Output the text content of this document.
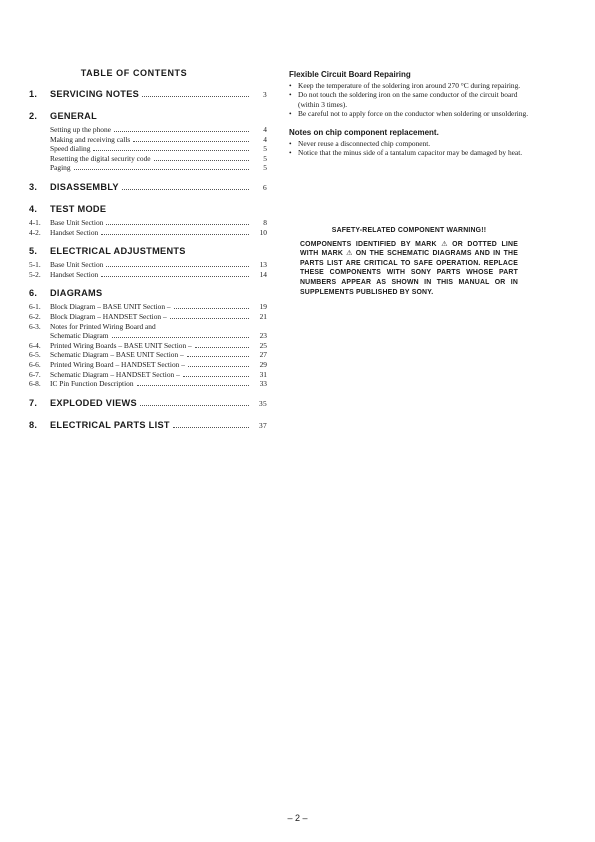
TABLE OF CONTENTS
1.	SERVICING NOTES	3
2.	GENERAL
Setting up the phone	4
Making and receiving calls	4
Speed dialing	5
Resetting the digital security code	5
Paging	5
3.	DISASSEMBLY	6
4.	TEST MODE
4-1.	Base Unit Section	8
4-2.	Handset Section	10
5.	ELECTRICAL ADJUSTMENTS
5-1.	Base Unit Section	13
5-2.	Handset Section	14
6.	DIAGRAMS
6-1.	Block Diagram – BASE UNIT Section –	19
6-2.	Block Diagram – HANDSET Section –	21
6-3.	Notes for Printed Wiring Board and
Schematic Diagram	23
6-4.	Printed Wiring Boards – BASE UNIT Section –	25
6-5.	Schematic Diagram – BASE UNIT Section –	27
6-6.	Printed Wiring Board – HANDSET Section –	29
6-7.	Schematic Diagram – HANDSET Section –	31
6-8.	IC Pin Function Description	33
7.	EXPLODED VIEWS	35
8.	ELECTRICAL PARTS LIST	37
Flexible Circuit Board Repairing
• Keep the temperature of the soldering iron around 270 °C during repairing.
• Do not touch the soldering iron on the same conductor of the circuit board (within 3 times).
• Be careful not to apply force on the conductor when soldering or unsoldering.
Notes on chip component replacement.
• Never reuse a disconnected chip component.
• Notice that the minus side of a tantalum capacitor may be damaged by heat.
SAFETY-RELATED COMPONENT WARNING!!
COMPONENTS IDENTIFIED BY MARK ⚠ OR DOTTED LINE WITH MARK ⚠ ON THE SCHEMATIC DIAGRAMS AND IN THE PARTS LIST ARE CRITICAL TO SAFE OPERATION. REPLACE THESE COMPONENTS WITH SONY PARTS WHOSE PART NUMBERS APPEAR AS SHOWN IN THIS MANUAL OR IN SUPPLEMENTS PUBLISHED BY SONY.
– 2 –
